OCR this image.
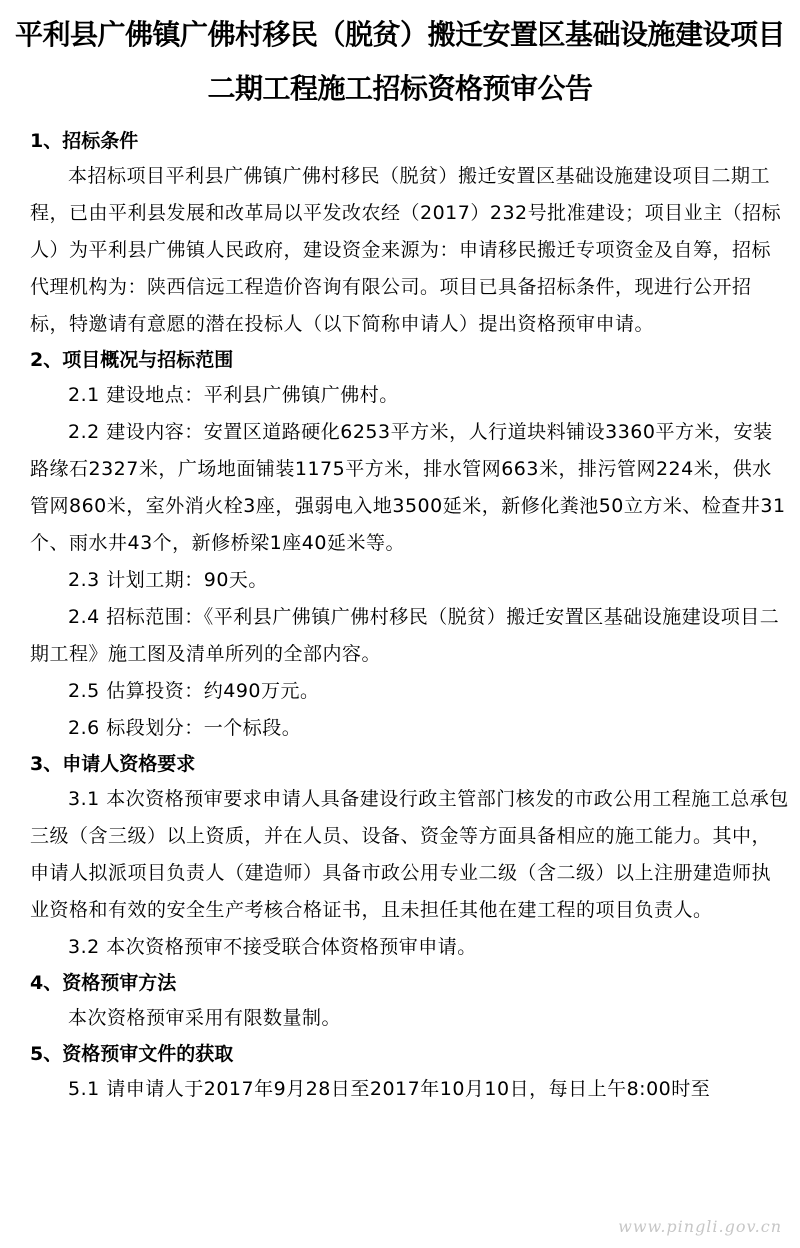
平利县广佛镇广佛村移民（脱贫）搬迁安置区基础设施建设项目
二期工程施工招标资格预审公告
1、招标条件

本招标项目平利县广佛镇广佛村移民（脱贫）搬迁安置区基础设施建设项目二期工程，已由平利县发展和改革局以平发改农经（2017）232号批准建设；项目业主（招标人）为平利县广佛镇人民政府，建设资金来源为：申请移民搬迁专项资金及自筹，招标代理机构为：陕西信远工程造价咨询有限公司。项目已具备招标条件，现进行公开招标，特邀请有意愿的潜在投标人（以下简称申请人）提出资格预审申请。

2、项目概况与招标范围

2.1 建设地点：平利县广佛镇广佛村。

2.2 建设内容：安置区道路硬化6253平方米，人行道块料铺设3360平方米，安装路缘石2327米，广场地面铺装1175平方米，排水管网663米，排污管网224米，供水管网860米，室外消火栓3座，强弱电入地3500延米，新修化粪池50立方米、检查井31个、雨水井43个，新修桥梁1座40延米等。

2.3 计划工期：90天。

2.4 招标范围：《平利县广佛镇广佛村移民（脱贫）搬迁安置区基础设施建设项目二期工程》施工图及清单所列的全部内容。

2.5 估算投资：约490万元。

2.6 标段划分：一个标段。

3、申请人资格要求

3.1 本次资格预审要求申请人具备建设行政主管部门核发的市政公用工程施工总承包三级（含三级）以上资质，并在人员、设备、资金等方面具备相应的施工能力。其中，申请人拟派项目负责人（建造师）具备市政公用专业二级（含二级）以上注册建造师执业资格和有效的安全生产考核合格证书，且未担任其他在建工程的项目负责人。

3.2 本次资格预审不接受联合体资格预审申请。

4、资格预审方法

本次资格预审采用有限数量制。

5、资格预审文件的获取

5.1 请申请人于2017年9月28日至2017年10月10日，每日上午8:00时至

www.pingli.gov.cn
